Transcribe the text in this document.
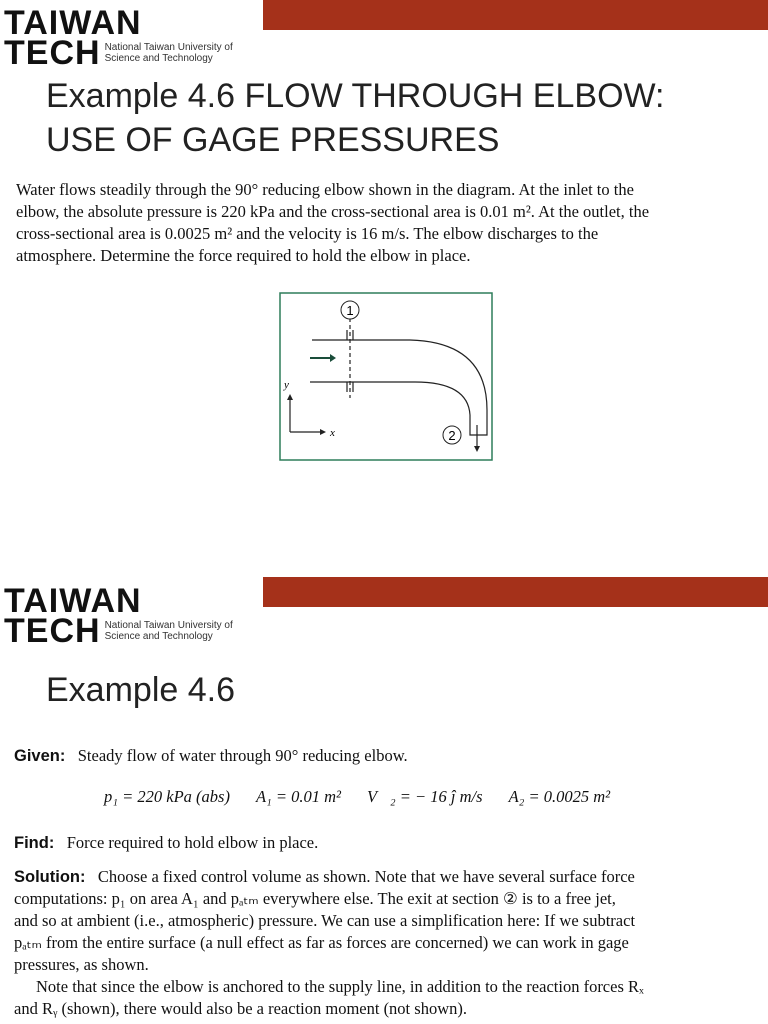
TAIWAN
TECH National Taiwan University of
Science and Technology
Example 4.6 FLOW THROUGH ELBOW:
USE OF GAGE PRESSURES
Water flows steadily through the 90° reducing elbow shown in the diagram. At the inlet to the
elbow, the absolute pressure is 220 kPa and the cross-sectional area is 0.01 m². At the outlet, the
cross-sectional area is 0.0025 m² and the velocity is 16 m/s. The elbow discharges to the
atmosphere. Determine the force required to hold the elbow in place.
1
2
y
x
TAIWAN
TECH National Taiwan University of
Science and Technology
Example 4.6
Given: Steady flow of water through 90° reducing elbow.
p₁ = 220 kPa (abs) A₁ = 0.01 m² V⃗₂ = − 16 ĵ m/s A₂ = 0.0025 m²
Find: Force required to hold elbow in place.
Solution: Choose a fixed control volume as shown. Note that we have several surface force
computations: p₁ on area A₁ and pₐₜₘ everywhere else. The exit at section ② is to a free jet,
and so at ambient (i.e., atmospheric) pressure. We can use a simplification here: If we subtract
pₐₜₘ from the entire surface (a null effect as far as forces are concerned) we can work in gage
pressures, as shown.
Note that since the elbow is anchored to the supply line, in addition to the reaction forces Rₓ
and Rᵧ (shown), there would also be a reaction moment (not shown).
